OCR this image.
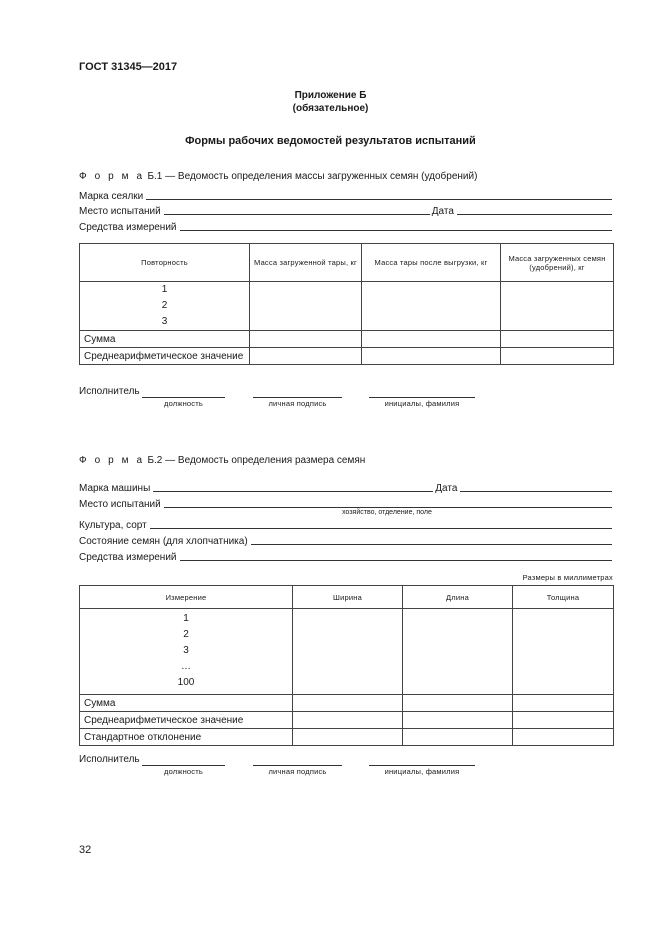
ГОСТ 31345—2017
Приложение Б
(обязательное)
Формы рабочих ведомостей результатов испытаний
Ф о р м а Б.1 — Ведомость определения массы загруженных семян (удобрений)
Марка сеялки
Место испытаний	Дата
Средства измерений
Повторность	Масса загруженной тары, кг	Масса тары после выгрузки, кг	Масса загруженных семян (удобрений), кг

1
2
3			

Сумма			
Среднеарифметическое значение			
Исполнитель
должность	личная подпись	инициалы, фамилия
Ф о р м а Б.2 — Ведомость определения размера семян
Марка машины	Дата
Место испытаний
хозяйство, отделение, поле
Культура, сорт
Состояние семян (для хлопчатника)
Средства измерений
Размеры в миллиметрах
Измерение	Ширина	Длина	Толщина

1
2
3
…
100			

Сумма			
Среднеарифметическое значение			
Стандартное отклонение			
Исполнитель
должность	личная подпись	инициалы, фамилия
32
